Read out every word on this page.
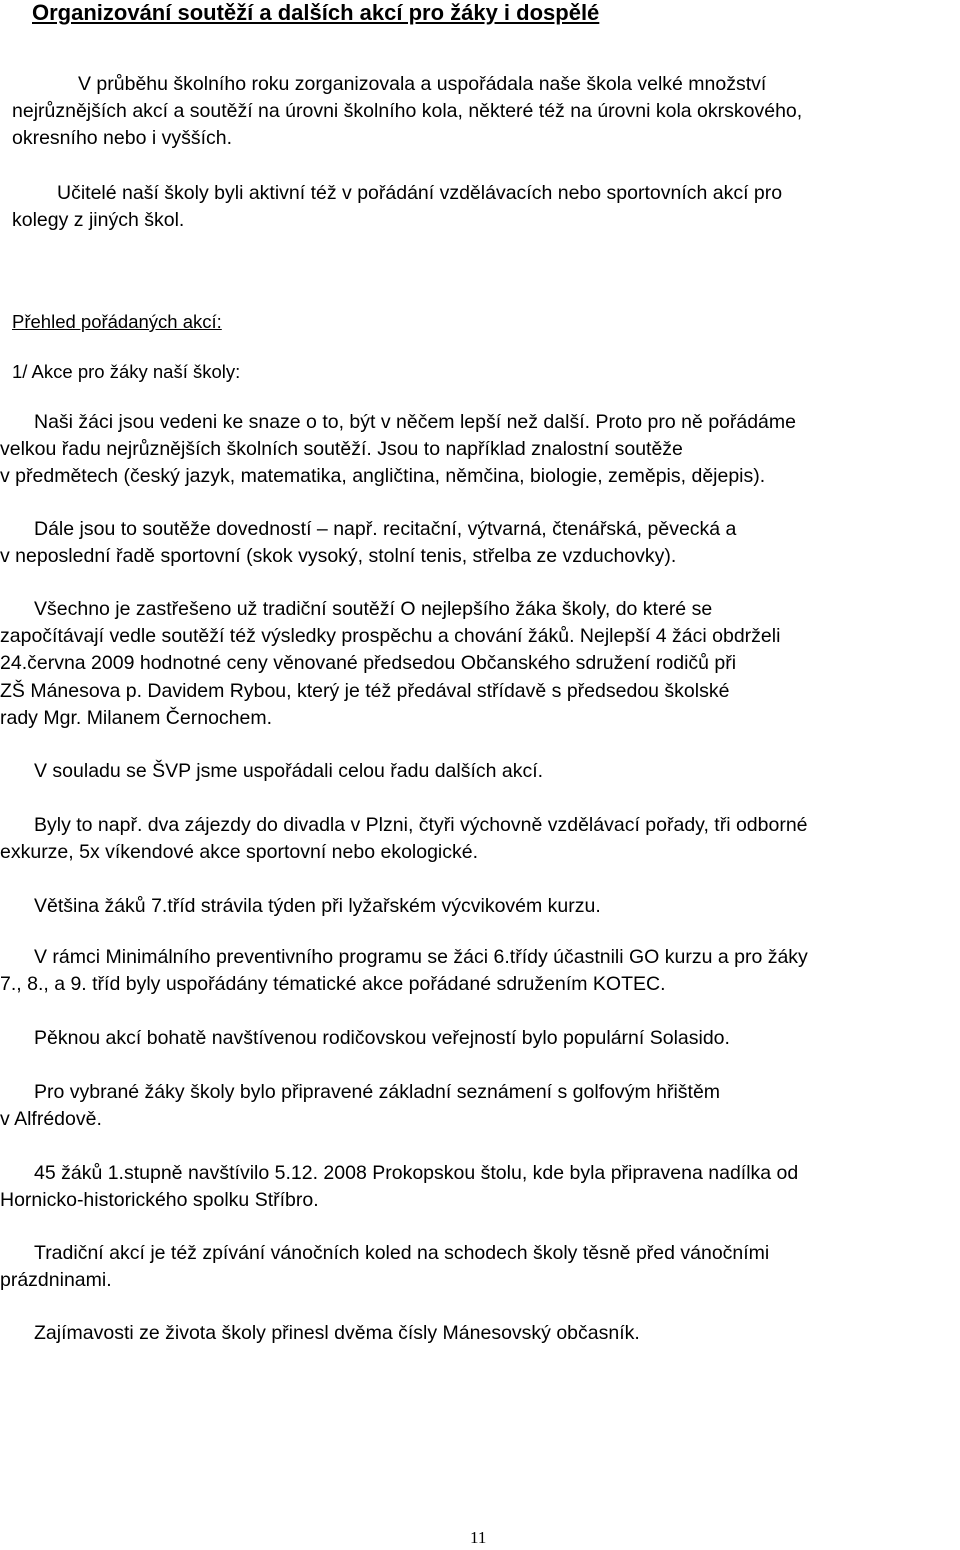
Organizování soutěží a dalších akcí pro žáky i dospělé
V průběhu školního roku zorganizovala a uspořádala naše škola velké množství
nejrůznějších akcí a soutěží na úrovni školního kola, některé též na úrovni kola okrskového,
okresního nebo i vyšších.
Učitelé naší školy byli aktivní též v pořádání vzdělávacích nebo sportovních akcí pro
kolegy z jiných škol.
Přehled pořádaných akcí:
1/ Akce pro žáky naší školy:
Naši žáci jsou vedeni ke snaze o to, být v něčem lepší než další. Proto pro ně pořádáme
velkou řadu nejrůznějších školních soutěží. Jsou to například znalostní soutěže
v předmětech (český jazyk, matematika, angličtina, němčina, biologie, zeměpis, dějepis).
Dále jsou to soutěže dovedností – např. recitační, výtvarná, čtenářská, pěvecká a
v neposlední řadě sportovní (skok vysoký, stolní tenis, střelba ze vzduchovky).
Všechno je zastřešeno už tradiční soutěží O nejlepšího žáka školy, do které se
započítávají vedle soutěží též výsledky prospěchu a chování žáků. Nejlepší 4 žáci obdrželi
24.června 2009 hodnotné ceny věnované předsedou Občanského sdružení rodičů při
ZŠ Mánesova p. Davidem Rybou, který je též předával střídavě s předsedou školské
rady Mgr. Milanem Černochem.
V souladu se ŠVP jsme uspořádali celou řadu dalších akcí.
Byly to např. dva zájezdy do divadla v Plzni, čtyři výchovně vzdělávací pořady, tři odborné
exkurze, 5x víkendové akce sportovní nebo ekologické.
Většina žáků 7.tříd strávila týden při lyžařském výcvikovém kurzu.
V rámci Minimálního preventivního programu se žáci 6.třídy účastnili GO kurzu a pro žáky
7., 8., a 9. tříd byly uspořádány tématické akce pořádané sdružením KOTEC.
Pěknou akcí bohatě navštívenou rodičovskou veřejností bylo populární Solasido.
Pro vybrané žáky školy bylo připravené základní seznámení s golfovým hřištěm
v Alfrédově.
45 žáků 1.stupně navštívilo 5.12. 2008 Prokopskou štolu, kde byla připravena nadílka od
Hornicko-historického spolku Stříbro.
Tradiční akcí je též zpívání vánočních koled na schodech školy těsně před vánočními
prázdninami.
Zajímavosti ze života školy přinesl dvěma čísly Mánesovský občasník.
11
